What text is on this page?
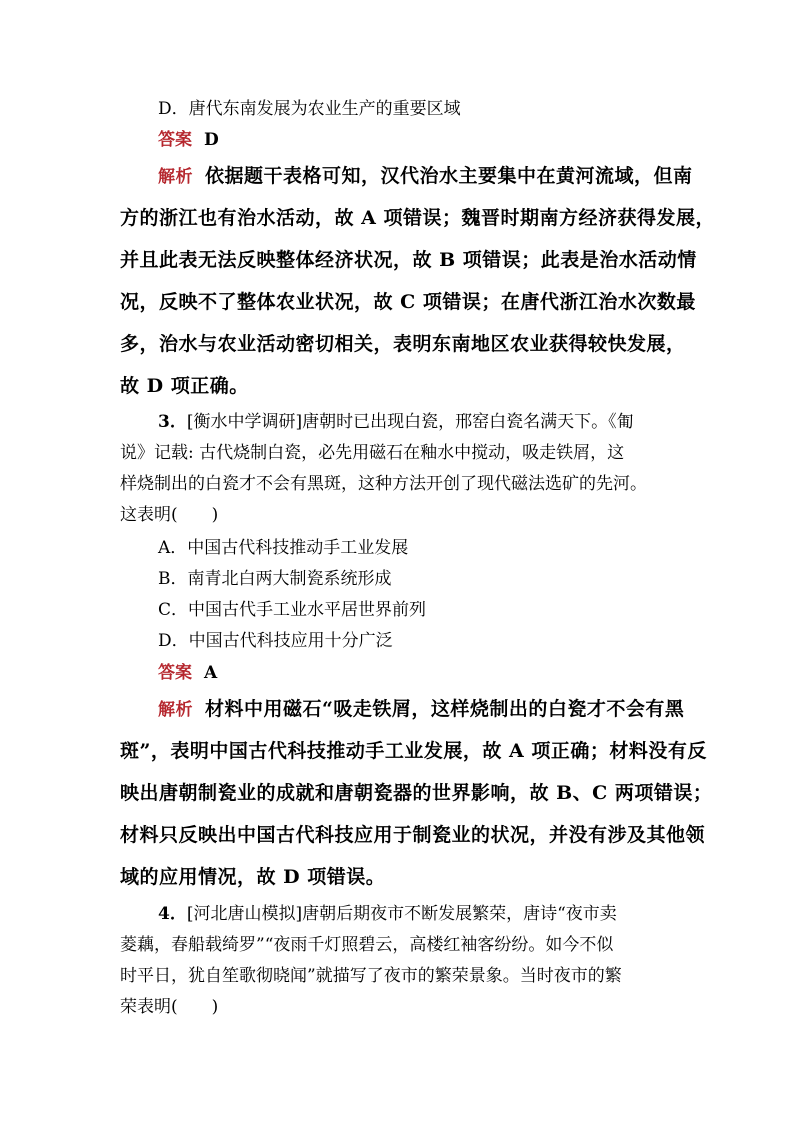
D．唐代东南发展为农业生产的重要区域
答案 D
解析 依据题干表格可知，汉代治水主要集中在黄河流域，但南
方的浙江也有治水活动，故 A 项错误；魏晋时期南方经济获得发展，
并且此表无法反映整体经济状况，故 B 项错误；此表是治水活动情
况，反映不了整体农业状况，故 C 项错误；在唐代浙江治水次数最
多，治水与农业活动密切相关，表明东南地区农业获得较快发展，
故 D 项正确。
3．[衡水中学调研]唐朝时已出现白瓷，邢窑白瓷名满天下。《匍
说》记载: 古代烧制白瓷，必先用磁石在釉水中搅动，吸走铁屑，这
样烧制出的白瓷才不会有黑斑，这种方法开创了现代磁法选矿的先河。
这表明(　　)
A．中国古代科技推动手工业发展
B．南青北白两大制瓷系统形成
C．中国古代手工业水平居世界前列
D．中国古代科技应用十分广泛
答案 A
解析 材料中用磁石“吸走铁屑，这样烧制出的白瓷才不会有黑
斑”，表明中国古代科技推动手工业发展，故 A 项正确；材料没有反
映出唐朝制瓷业的成就和唐朝瓷器的世界影响，故 B、C 两项错误；
材料只反映出中国古代科技应用于制瓷业的状况，并没有涉及其他领
域的应用情况，故 D 项错误。
4．[河北唐山模拟]唐朝后期夜市不断发展繁荣，唐诗“夜市卖
菱藕，春船载绮罗”“夜雨千灯照碧云，高楼红袖客纷纷。如今不似
时平日，犹自笙歌彻晓闻”就描写了夜市的繁荣景象。当时夜市的繁
荣表明(　　)
